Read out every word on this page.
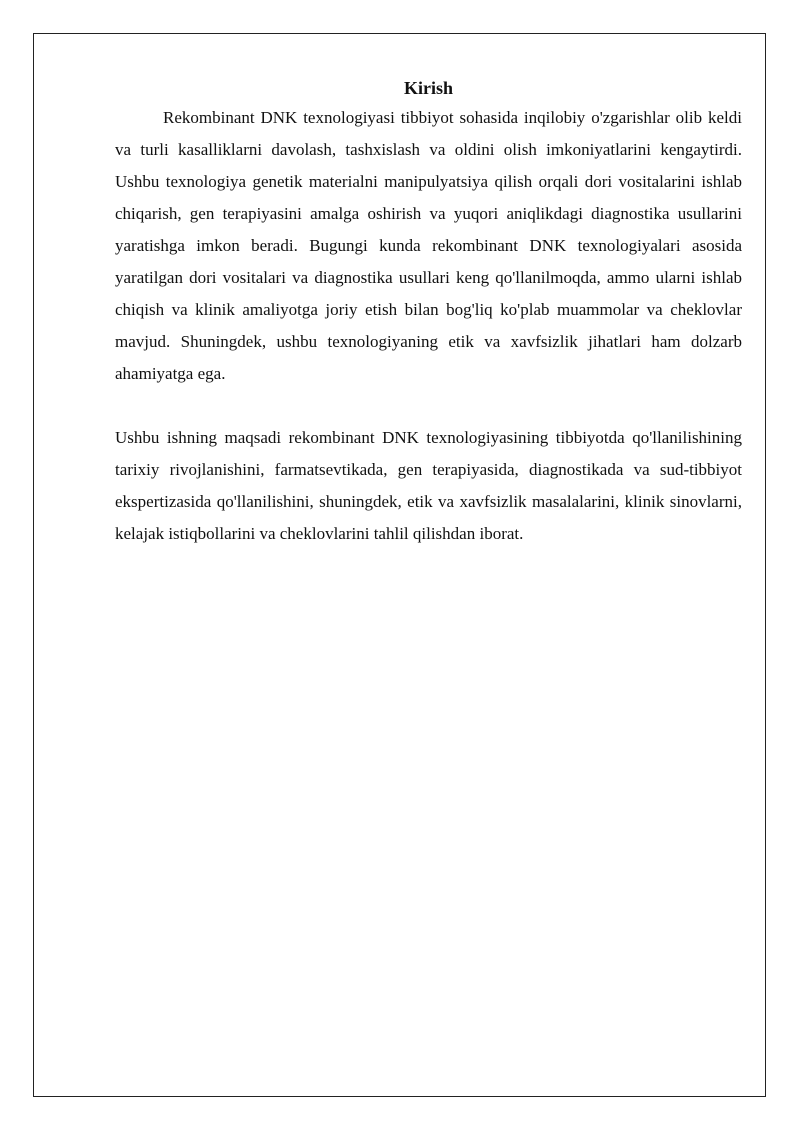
Kirish

Rekombinant DNK texnologiyasi tibbiyot sohasida inqilobiy o'zgarishlar olib keldi va turli kasalliklarni davolash, tashxislash va oldini olish imkoniyatlarini kengaytirdi. Ushbu texnologiya genetik materialni manipulyatsiya qilish orqali dori vositalarini ishlab chiqarish, gen terapiyasini amalga oshirish va yuqori aniqlikdagi diagnostika usullarini yaratishga imkon beradi. Bugungi kunda rekombinant DNK texnologiyalari asosida yaratilgan dori vositalari va diagnostika usullari keng qo'llanilmoqda, ammo ularni ishlab chiqish va klinik amaliyotga joriy etish bilan bog'liq ko'plab muammolar va cheklovlar mavjud. Shuningdek, ushbu texnologiyaning etik va xavfsizlik jihatlari ham dolzarb ahamiyatga ega.

Ushbu ishning maqsadi rekombinant DNK texnologiyasining tibbiyotda qo'llanilishining tarixiy rivojlanishini, farmatsevtikada, gen terapiyasida, diagnostikada va sud-tibbiyot ekspertizasida qo'llanilishini, shuningdek, etik va xavfsizlik masalalarini, klinik sinovlarni, kelajak istiqbollarini va cheklovlarini tahlil qilishdan iborat.
